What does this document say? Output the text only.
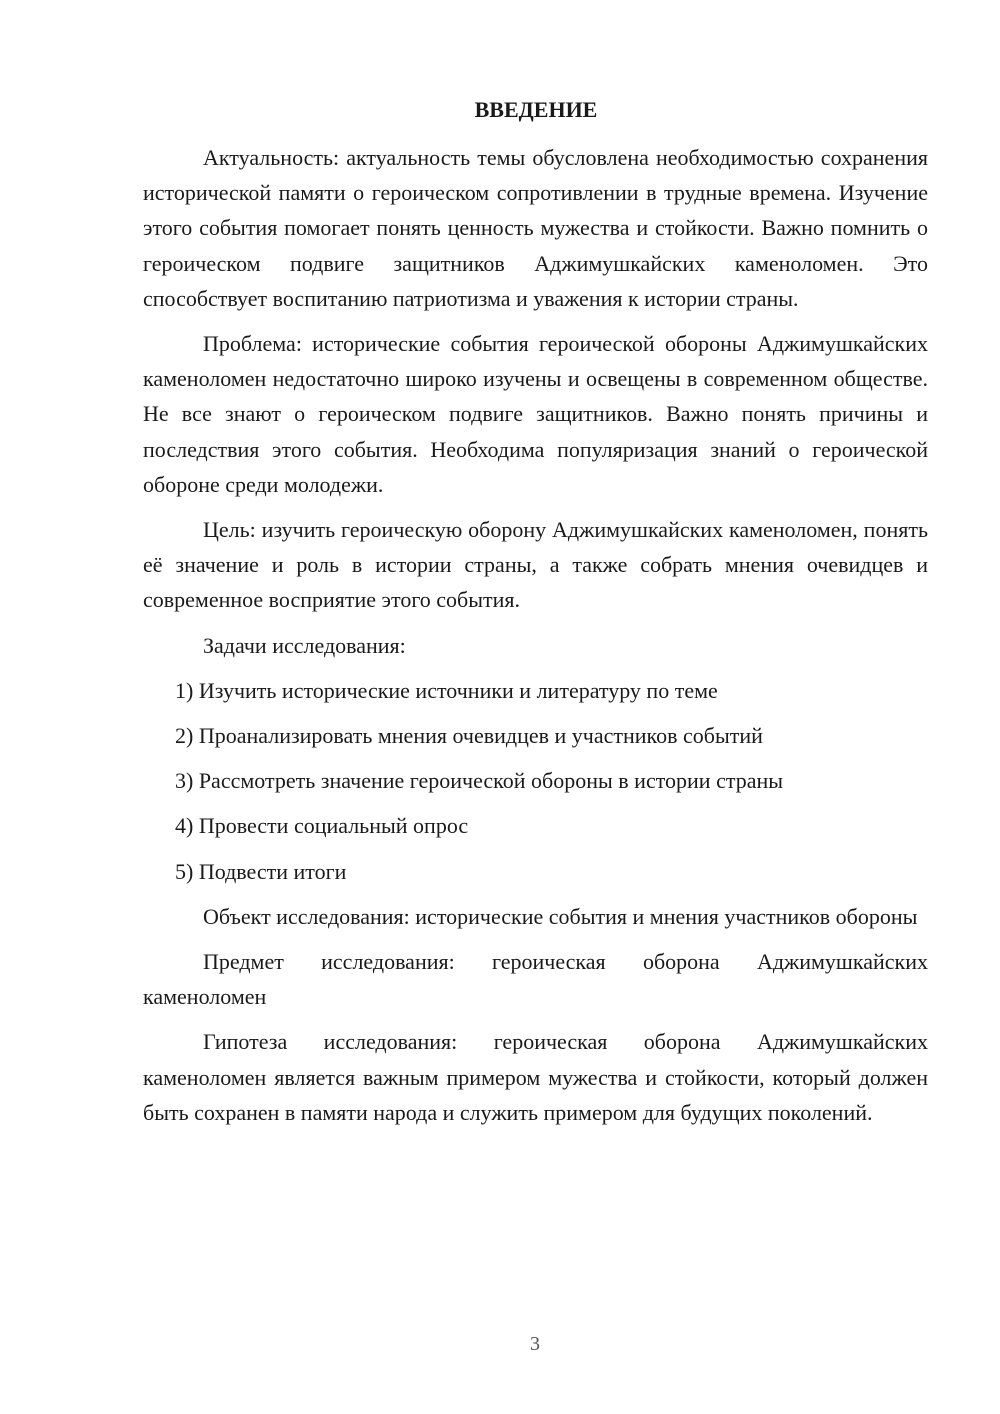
ВВЕДЕНИЕ

Актуальность: актуальность темы обусловлена необходимостью сохранения исторической памяти о героическом сопротивлении в трудные времена. Изучение этого события помогает понять ценность мужества и стойкости. Важно помнить о героическом подвиге защитников Аджимушкайских каменоломен. Это способствует воспитанию патриотизма и уважения к истории страны.

Проблема: исторические события героической обороны Аджимушкайских каменоломен недостаточно широко изучены и освещены в современном обществе. Не все знают о героическом подвиге защитников. Важно понять причины и последствия этого события. Необходима популяризация знаний о героической обороне среди молодежи.

Цель: изучить героическую оборону Аджимушкайских каменоломен, понять её значение и роль в истории страны, а также собрать мнения очевидцев и современное восприятие этого события.

Задачи исследования:
1) Изучить исторические источники и литературу по теме
2) Проанализировать мнения очевидцев и участников событий
3) Рассмотреть значение героической обороны в истории страны
4) Провести социальный опрос
5) Подвести итоги

Объект исследования: исторические события и мнения участников обороны

Предмет исследования: героическая оборона Аджимушкайских каменоломен

Гипотеза исследования: героическая оборона Аджимушкайских каменоломен является важным примером мужества и стойкости, который должен быть сохранен в памяти народа и служить примером для будущих поколений.

3
